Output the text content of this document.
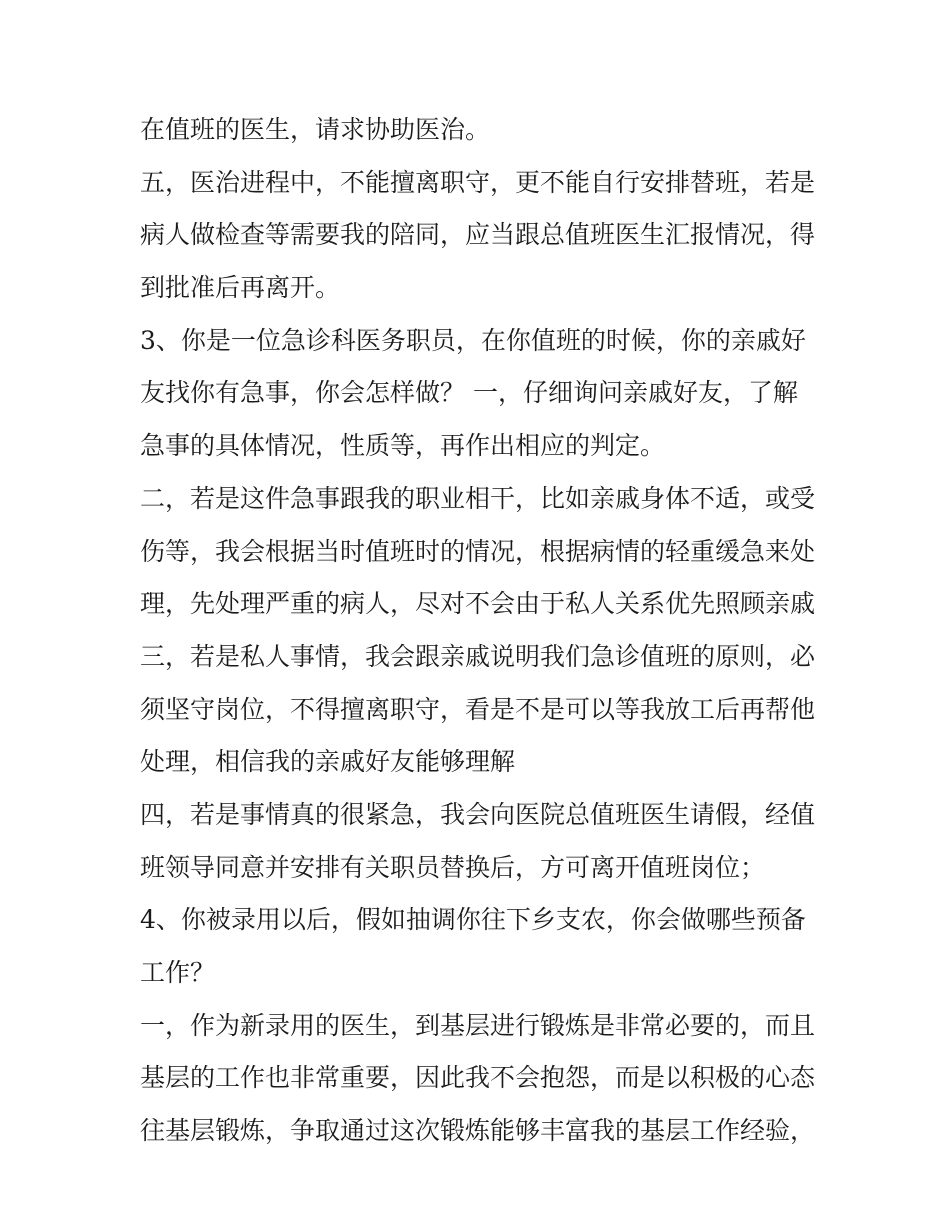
在值班的医生，请求协助医治。
五，医治进程中，不能擅离职守，更不能自行安排替班，若是
病人做检查等需要我的陪同，应当跟总值班医生汇报情况，得
到批准后再离开。
3、你是一位急诊科医务职员，在你值班的时候，你的亲戚好
友找你有急事，你会怎样做？ 一，仔细询问亲戚好友，了解
急事的具体情况，性质等，再作出相应的判定。
二，若是这件急事跟我的职业相干，比如亲戚身体不适，或受
伤等，我会根据当时值班时的情况，根据病情的轻重缓急来处
理，先处理严重的病人，尽对不会由于私人关系优先照顾亲戚
三，若是私人事情，我会跟亲戚说明我们急诊值班的原则，必
须坚守岗位，不得擅离职守，看是不是可以等我放工后再帮他
处理，相信我的亲戚好友能够理解
四，若是事情真的很紧急，我会向医院总值班医生请假，经值
班领导同意并安排有关职员替换后，方可离开值班岗位；
4、你被录用以后，假如抽调你往下乡支农，你会做哪些预备
工作？
一，作为新录用的医生，到基层进行锻炼是非常必要的，而且
基层的工作也非常重要，因此我不会抱怨，而是以积极的心态
往基层锻炼，争取通过这次锻炼能够丰富我的基层工作经验，
